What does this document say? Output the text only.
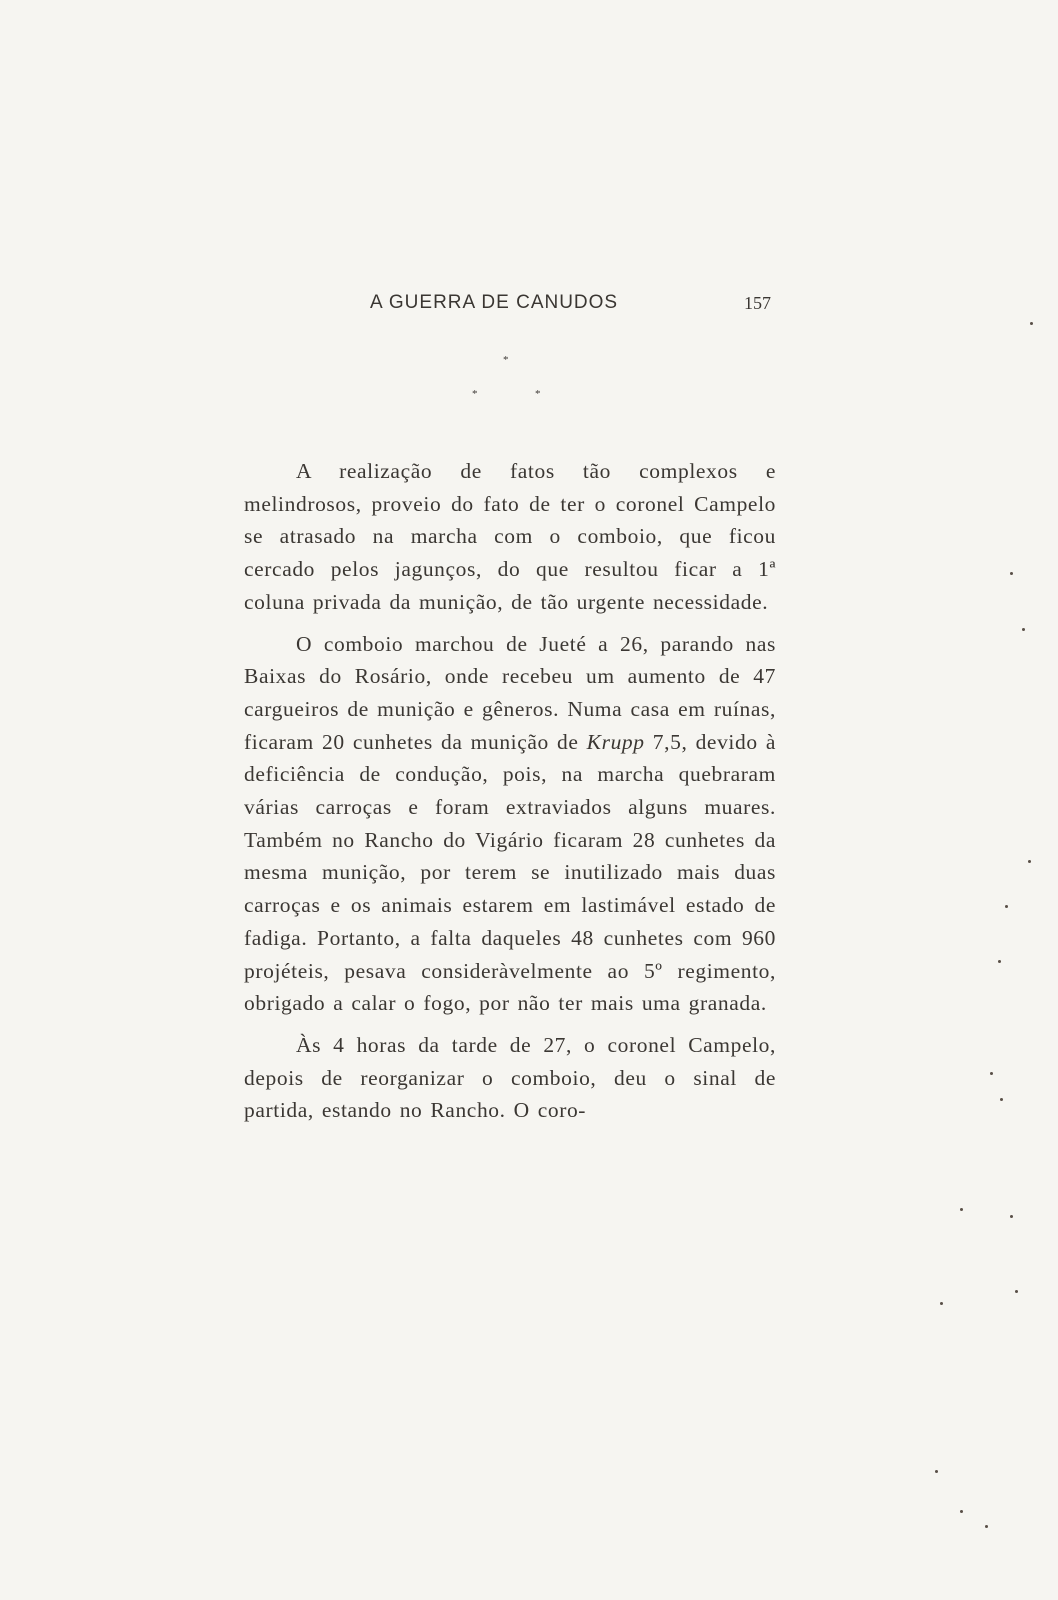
A GUERRA DE CANUDOS	157
*
*	*

A realização de fatos tão complexos e melindrosos, proveio do fato de ter o coronel Campelo se atrasado na marcha com o comboio, que ficou cercado pelos jagunços, do que resultou ficar a 1ª coluna privada da munição, de tão urgente necessidade.

O comboio marchou de Jueté a 26, parando nas Baixas do Rosário, onde recebeu um aumento de 47 cargueiros de munição e gêneros. Numa casa em ruínas, ficaram 20 cunhetes da munição de Krupp 7,5, devido à deficiência de condução, pois, na marcha quebraram várias carroças e foram extraviados alguns muares. Também no Rancho do Vigário ficaram 28 cunhetes da mesma munição, por terem se inutilizado mais duas carroças e os animais estarem em lastimável estado de fadiga. Portanto, a falta daqueles 48 cunhetes com 960 projéteis, pesava consideràvelmente ao 5º regimento, obrigado a calar o fogo, por não ter mais uma granada.

Às 4 horas da tarde de 27, o coronel Campelo, depois de reorganizar o comboio, deu o sinal de partida, estando no Rancho. O coro-
